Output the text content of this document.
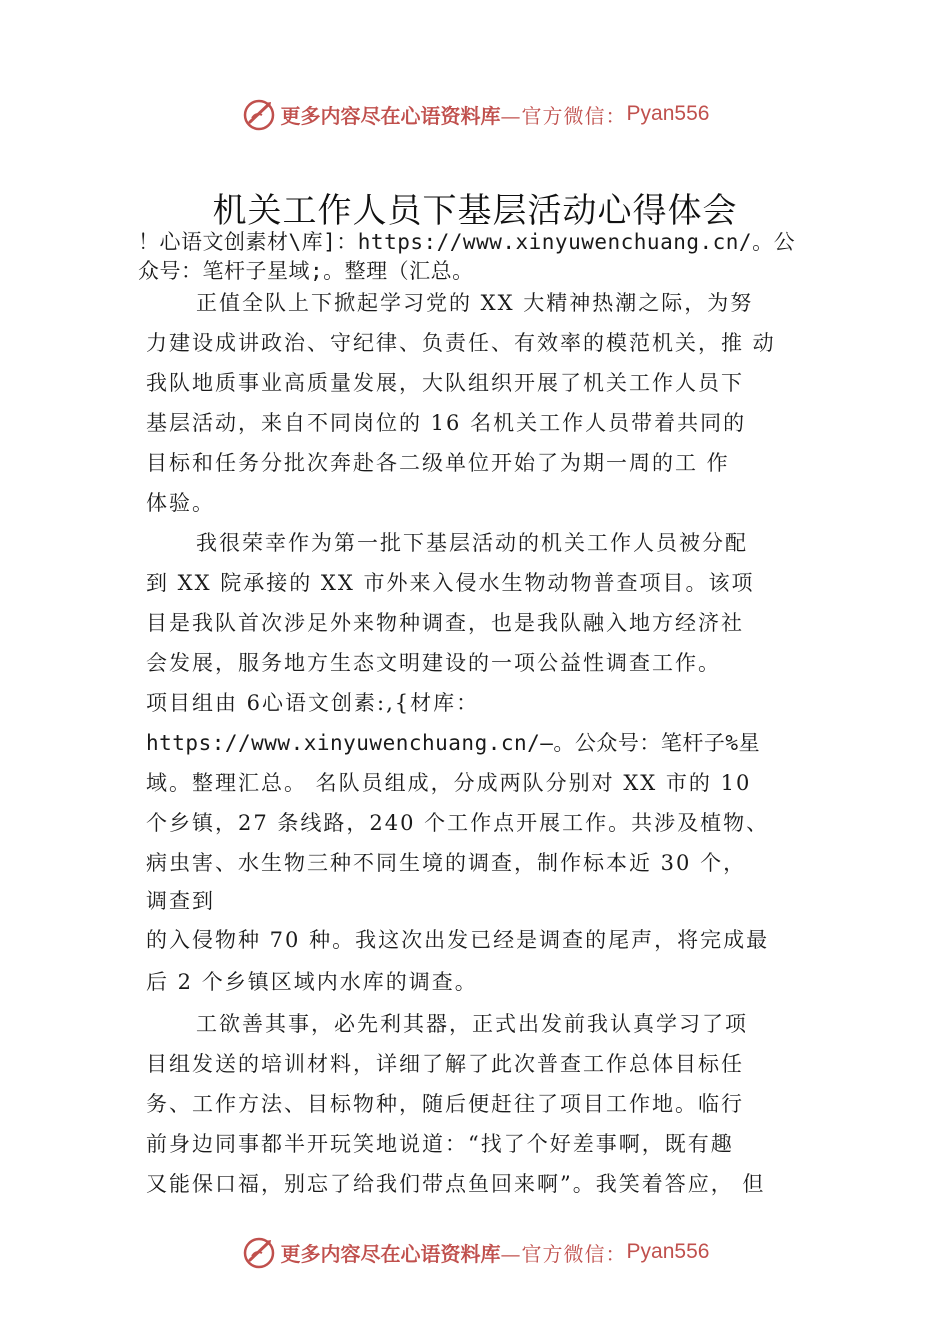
更多内容尽在心语资料库 —官方微信： Pyan556
机关工作人员下基层活动心得体会
！心语文创素材\库]：https://www.xinyuwenchuang.cn/。公
众号：笔杆子星域;。整理（汇总。
正值全队上下掀起学习党的 XX 大精神热潮之际，为努
力建设成讲政治、守纪律、负责任、有效率的模范机关，推 动
我队地质事业高质量发展，大队组织开展了机关工作人员下
基层活动，来自不同岗位的 16 名机关工作人员带着共同的
目标和任务分批次奔赴各二级单位开始了为期一周的工 作
体验。
我很荣幸作为第一批下基层活动的机关工作人员被分配
到 XX 院承接的 XX 市外来入侵水生物动物普查项目。该项
目是我队首次涉足外来物种调查，也是我队融入地方经济社
会发展，服务地方生态文明建设的一项公益性调查工作。
项目组由 6心语文创素:,{材库：
https://www.xinyuwenchuang.cn/—。公众号：笔杆子%星
域。整理汇总。 名队员组成，分成两队分别对 XX 市的 10
个乡镇，27 条线路，240 个工作点开展工作。共涉及植物、
病虫害、水生物三种不同生境的调查，制作标本近 30 个，
调查到
的入侵物种 70 种。我这次出发已经是调查的尾声，将完成最
后 2 个乡镇区域内水库的调查。
工欲善其事，必先利其器，正式出发前我认真学习了项
目组发送的培训材料，详细了解了此次普查工作总体目标任
务、工作方法、目标物种，随后便赶往了项目工作地。临行
前身边同事都半开玩笑地说道：“找了个好差事啊，既有趣
又能保口福，别忘了给我们带点鱼回来啊”。我笑着答应， 但
更多内容尽在心语资料库 —官方微信： Pyan556
